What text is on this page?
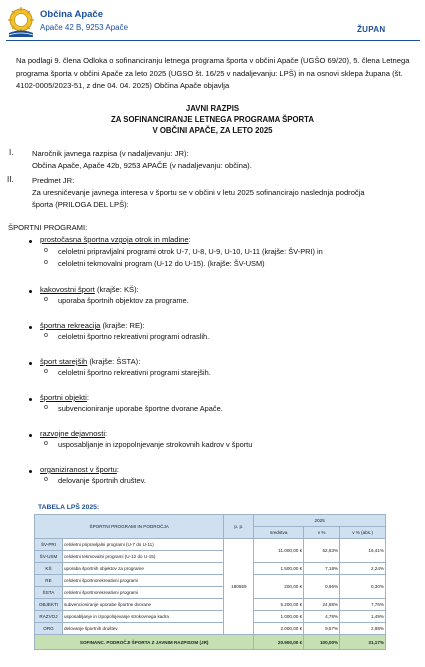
Občina Apače
Apače 42 B, 9253 Apače	ŽUPAN
Na podlagi 9. člena Odloka o sofinanciranju letnega programa športa v občini Apače (UGŠO 69/20), 5. člena Letnega programa športa v občini Apače za leto 2025 (UGSO št. 16/25 v nadaljevanju: LPŠ) in na osnovi sklepa župana (št. 4102-0005/2023-51, z dne 04. 04. 2025) Občina Apače objavlja
JAVNI RAZPIS
ZA SOFINANCIRANJE LETNEGA PROGRAMA ŠPORTA
V OBČINI APAČE, ZA LETO 2025
I. Naročnik javnega razpisa (v nadaljevanju: JR):
Občina Apače, Apače 42b, 9253 APAČE (v nadaljevanju: občina).
II. Predmet JR:
Za uresničevanje javnega interesa v športu se v občini v letu 2025 sofinancirajo naslednja področja
športa (PRILOGA DEL LPŠ):
ŠPORTNI PROGRAMI:
prostočasna športna vzgoja otrok in mladine:
o celoletni pripravljalni programi otrok U-7, U-8, U-9, U-10, U-11 (krajše: ŠV-PRI) in
o celoletni tekmovalni program (U-12 do U-15). (krajše: ŠV-USM)
kakovostni šport (krajše: KŠ):
o uporaba športnih objektov za programe.
športna rekreacija (krajše: RE):
o celoletni športno rekreativni programi odraslih.
šport starejših (krajše: ŠSTA):
o celoletni športno rekreativni programi starejših.
športni objekti:
o subvencioniranje uporabe športne dvorane Apače.
razvojne dejavnosti:
o usposabljanje in izpopolnjevanje strokovnih kadrov v športu
organiziranost v športu:
o delovanje športnih društev.
TABELA LPŠ 2025:
ŠPORTNI PROGRAMI IN PODROČJA		p. p.	2025		
			sredstva	v %	v % (abs.)
ŠV-PRI	celoletni pripravljalni programi (U-7 do U-11)	180559	11.000,00 €	52,63%	16,41%
ŠV-USM	celoletni tekmovalni programi (U-12 do U-15)				
KŠ	uporaba športnih objektov za programe		1.500,00 €	7,18%	2,24%
RE	celoletni športnorekreativni programi		200,00 €	0,96%	0,30%
ŠSTA	celoletni športnorekreativni programi				
OBJEKTI	subvencioniranje uporabe športne dvorane		5.200,00 €	24,88%	7,76%
RAZVOJ	usposabljanje in izpopolnjevanje strokovnega kadra		1.000,00 €	4,78%	1,49%
ORG	delovanje športnih društev		2.000,00 €	9,57%	2,98%
SOFINANC. PODROČJI ŠPORTA Z JAVNIM RAZPISOM (JR)			20.900,00 €	100,00%	31,17%
